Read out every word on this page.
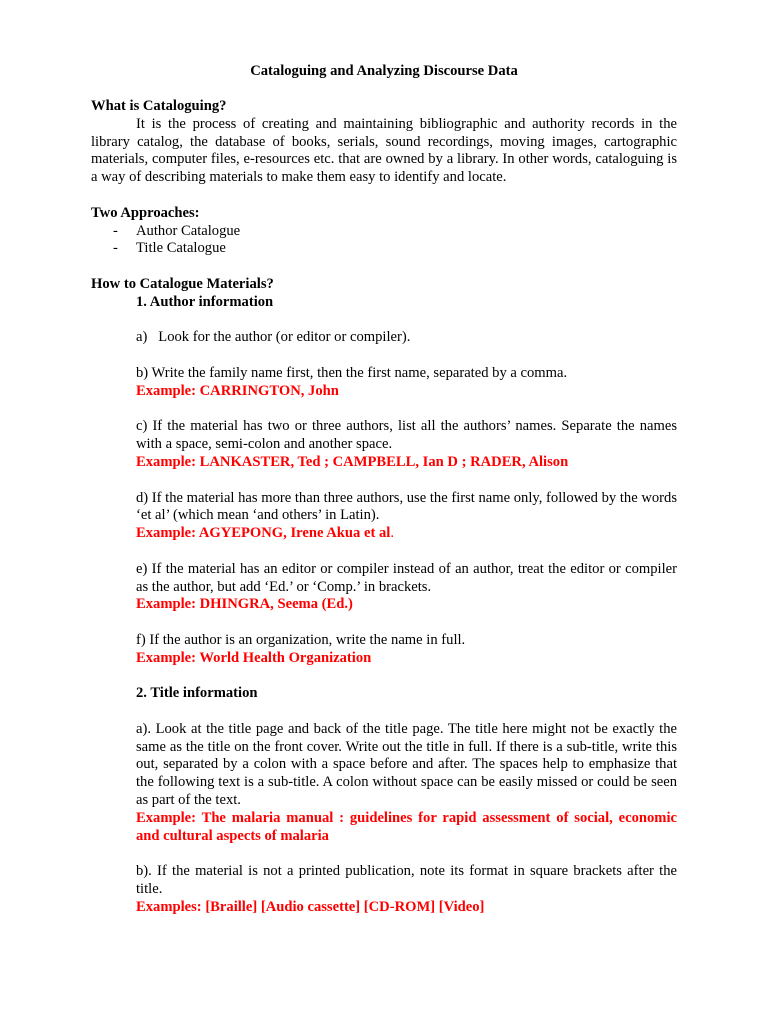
Cataloguing and Analyzing Discourse Data

What is Cataloguing?

It is the process of creating and maintaining bibliographic and authority records in the library catalog, the database of books, serials, sound recordings, moving images, cartographic materials, computer files, e-resources etc. that are owned by a library. In other words, cataloguing is a way of describing materials to make them easy to identify and locate.

Two Approaches:

- Author Catalogue
- Title Catalogue

How to Catalogue Materials?

1. Author information

a)   Look for the author (or editor or compiler).

b) Write the family name first, then the first name, separated by a comma.

Example: CARRINGTON, John

c) If the material has two or three authors, list all the authors’ names. Separate the names with a space, semi-colon and another space.

Example: LANKASTER, Ted ; CAMPBELL, Ian D ; RADER, Alison

d) If the material has more than three authors, use the first name only, followed by the words ‘et al’ (which mean ‘and others’ in Latin).

Example: AGYEPONG, Irene Akua et al.

e) If the material has an editor or compiler instead of an author, treat the editor or compiler as the author, but add ‘Ed.’ or ‘Comp.’ in brackets.

Example: DHINGRA, Seema (Ed.)

f) If the author is an organization, write the name in full.

Example: World Health Organization

2. Title information

a). Look at the title page and back of the title page. The title here might not be exactly the same as the title on the front cover. Write out the title in full. If there is a sub-title, write this out, separated by a colon with a space before and after. The spaces help to emphasize that the following text is a sub-title. A colon without space can be easily missed or could be seen as part of the text.

Example: The malaria manual : guidelines for rapid assessment of social, economic and cultural aspects of malaria

b). If the material is not a printed publication, note its format in square brackets after the title.

Examples: [Braille] [Audio cassette] [CD-ROM] [Video]
